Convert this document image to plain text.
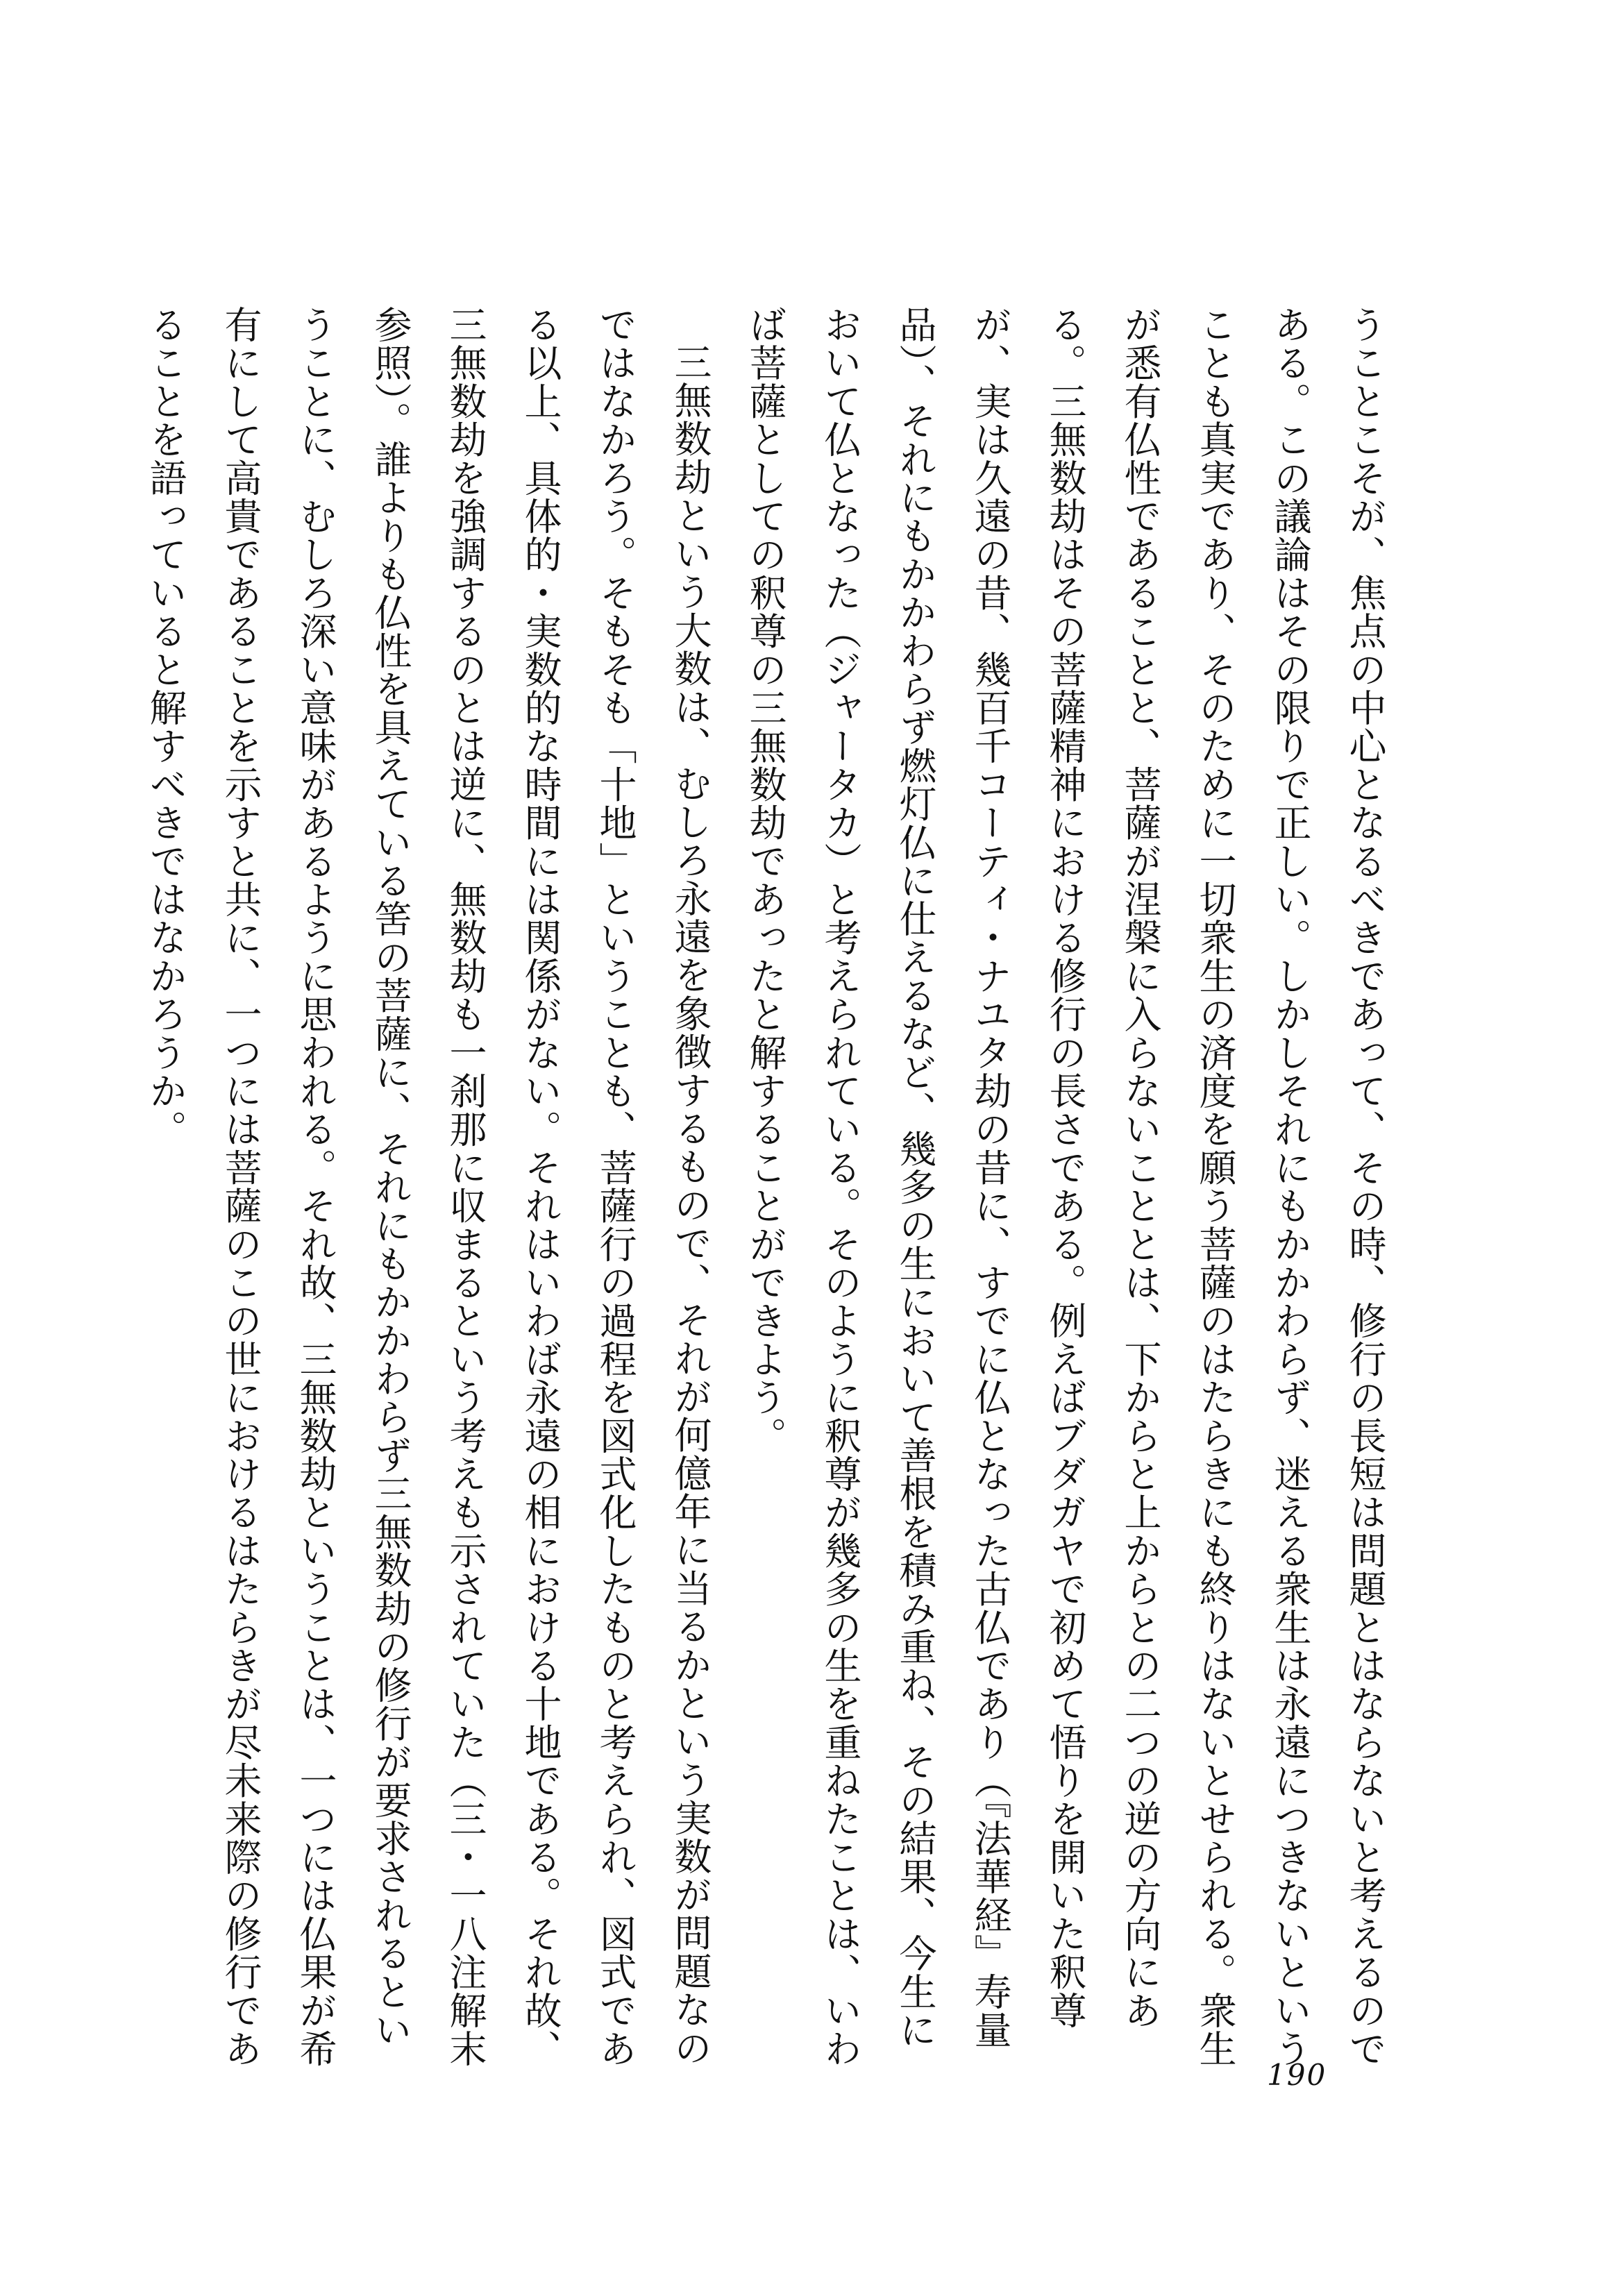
うことこそが、焦点の中心となるべきであって、その時、修行の長短は問題とはならないと考えるのである。この議論はその限りで正しい。しかしそれにもかかわらず、迷える衆生は永遠につきないということも真実であり、そのために一切衆生の済度を願う菩薩のはたらきにも終りはないとせられる。衆生が悉有仏性であることと、菩薩が涅槃に入らないこととは、下からと上からとの二つの逆の方向にある。三無数劫はその菩薩精神における修行の長さである。例えばブダガヤで初めて悟りを開いた釈尊が、実は久遠の昔、幾百千コーティ・ナユタ劫の昔に、すでに仏となった古仏であり（『法華経』寿量品）、それにもかかわらず燃灯仏に仕えるなど、幾多の生において善根を積み重ね、その結果、今生において仏となった（ジャータカ）と考えられている。そのように釈尊が幾多の生を重ねたことは、いわば菩薩としての釈尊の三無数劫であったと解することができよう。

三無数劫という大数は、むしろ永遠を象徴するもので、それが何億年に当るかという実数が問題なのではなかろう。そもそも「十地」ということも、菩薩行の過程を図式化したものと考えられ、図式である以上、具体的・実数的な時間には関係がない。それはいわば永遠の相における十地である。それ故、三無数劫を強調するのとは逆に、無数劫も一刹那に収まるという考えも示されていた（三・一八注解末参照）。誰よりも仏性を具えている筈の菩薩に、それにもかかわらず三無数劫の修行が要求されるということに、むしろ深い意味があるように思われる。それ故、三無数劫ということは、一つには仏果が希有にして高貴であることを示すと共に、一つには菩薩のこの世におけるはたらきが尽未来際の修行であることを語っていると解すべきではなかろうか。

190
